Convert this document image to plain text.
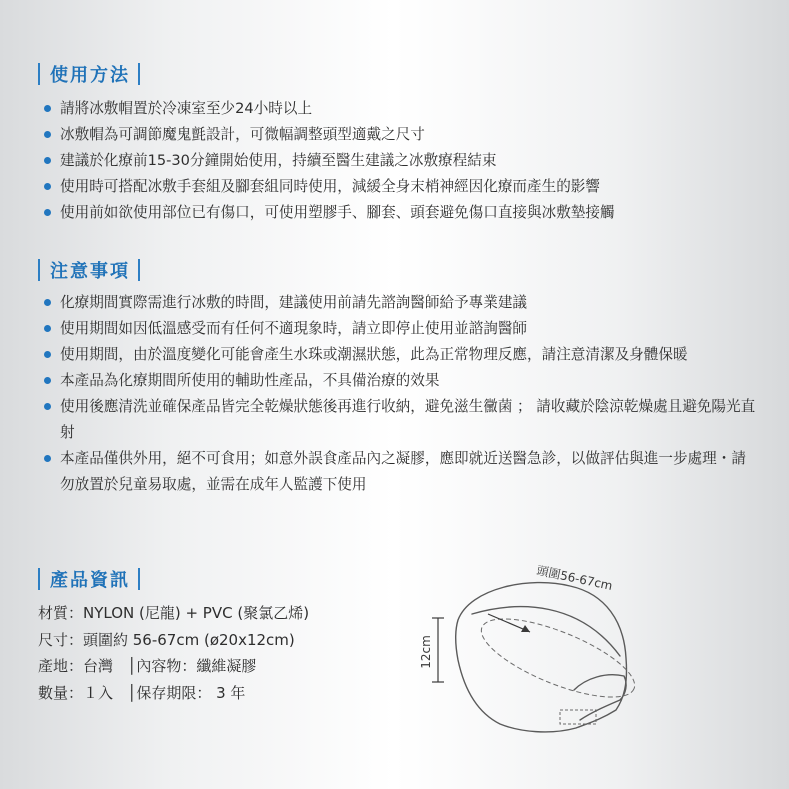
使用方法
請將冰敷帽置於冷凍室至少24小時以上
冰敷帽為可調節魔鬼氈設計，可微幅調整頭型適戴之尺寸
建議於化療前15-30分鐘開始使用，持續至醫生建議之冰敷療程結束
使用時可搭配冰敷手套組及腳套組同時使用，減緩全身末梢神經因化療而產生的影響
使用前如欲使用部位已有傷口，可使用塑膠手、腳套、頭套避免傷口直接與冰敷墊接觸
注意事項
化療期間實際需進行冰敷的時間，建議使用前請先諮詢醫師給予專業建議
使用期間如因低溫感受而有任何不適現象時，請立即停止使用並諮詢醫師
使用期間，由於溫度變化可能會產生水珠或潮濕狀態，此為正常物理反應，請注意清潔及身體保暖
本產品為化療期間所使用的輔助性產品，不具備治療的效果
使用後應清洗並確保產品皆完全乾燥狀態後再進行收納，避免滋生黴菌 ； 請收藏於陰涼乾燥處且避免陽光直射
本產品僅供外用，絕不可食用；如意外誤食產品內之凝膠，應即就近送醫急診，以做評估與進一步處理・請勿放置於兒童易取處，並需在成年人監護下使用
產品資訊
材質：NYLON (尼龍) + PVC (聚氯乙烯)
尺寸：頭圍約 56-67cm (ø20x12cm)
產地：台灣   │內容物：纖維凝膠
數量：１入   │保存期限： 3 年
12cm
頭圍56-67cm
